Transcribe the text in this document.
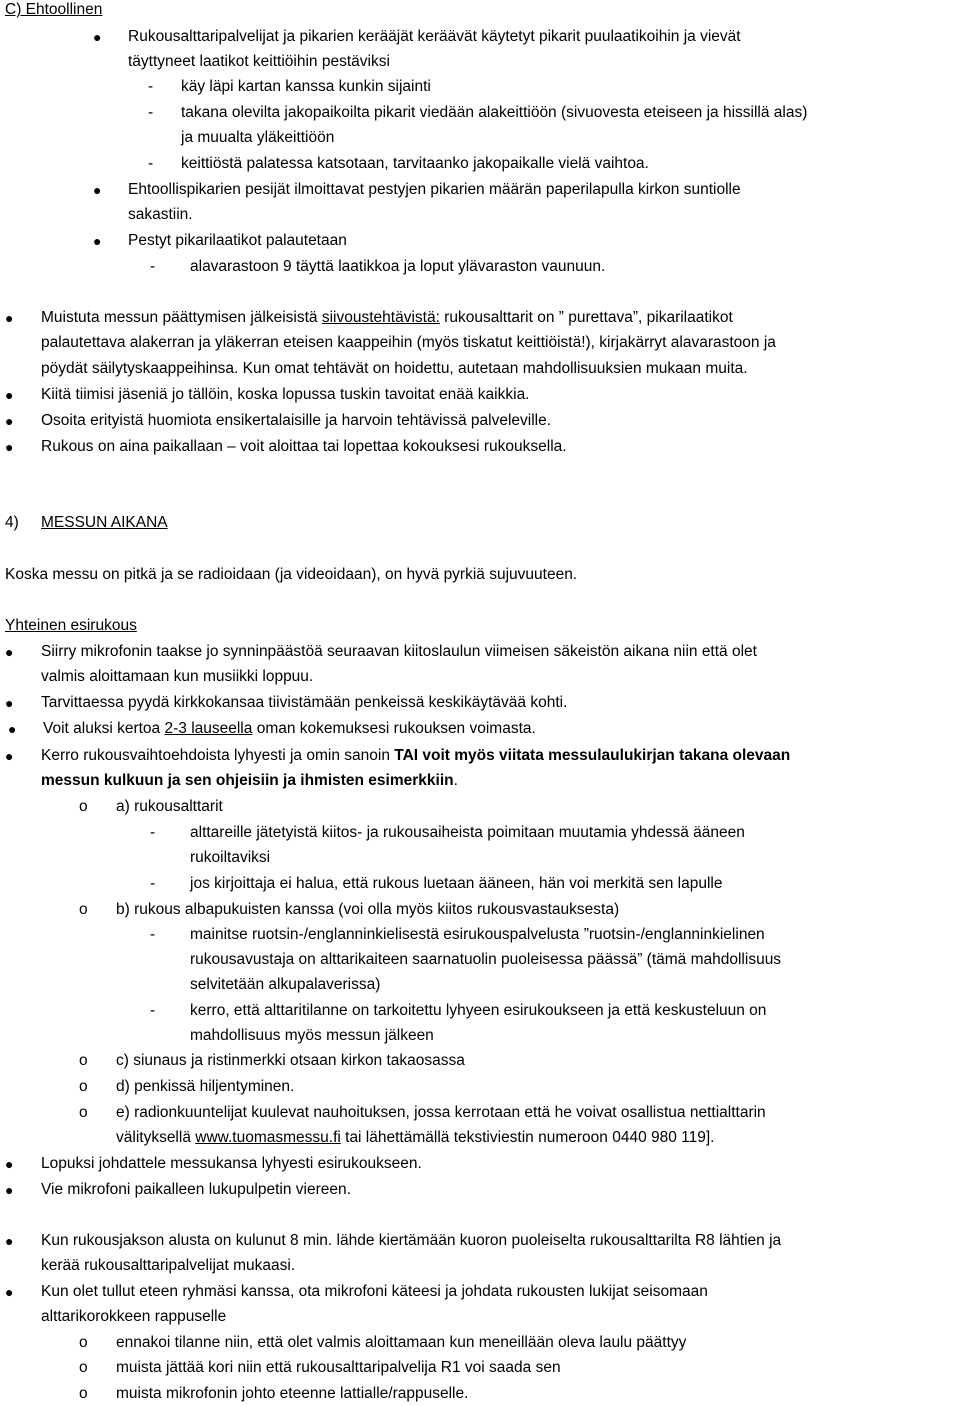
C) Ehtoollinen
● Rukousalttaripalvelijat ja pikarien kerääjät keräävät käytetyt pikarit puulaatikoihin ja vievät
täyttyneet laatikot keittiöihin pestäviksi
- käy läpi kartan kanssa kunkin sijainti
- takana olevilta jakopaikoilta pikarit viedään alakeittiöön (sivuovesta eteiseen ja hissillä alas)
ja muualta yläkeittiöön
- keittiöstä palatessa katsotaan, tarvitaanko jakopaikalle vielä vaihtoa.
● Ehtoollispikarien pesijät ilmoittavat pestyjen pikarien määrän paperilapulla kirkon suntiolle
sakastiin.
● Pestyt pikarilaatikot palautetaan
- alavarastoon 9 täyttä laatikkoa ja loput ylävaraston vaunuun.
● Muistuta messun päättymisen jälkeisistä siivoustehtävistä: rukousalttarit on ” purettava”, pikarilaatikot
palautettava alakerran ja yläkerran eteisen kaappeihin (myös tiskatut keittiöistä!), kirjakärryt alavarastoon ja
pöydät säilytyskaappeihinsa. Kun omat tehtävät on hoidettu, autetaan mahdollisuuksien mukaan muita.
● Kiitä tiimisi jäseniä jo tällöin, koska lopussa tuskin tavoitat enää kaikkia.
● Osoita erityistä huomiota ensikertalaisille ja harvoin tehtävissä palveleville.
● Rukous on aina paikallaan – voit aloittaa tai lopettaa kokouksesi rukouksella.
4) MESSUN AIKANA
Koska messu on pitkä ja se radioidaan (ja videoidaan), on hyvä pyrkiä sujuvuuteen.
Yhteinen esirukous
● Siirry mikrofonin taakse jo synninpäästöä seuraavan kiitoslaulun viimeisen säkeistön aikana niin että olet
valmis aloittamaan kun musiikki loppuu.
● Tarvittaessa pyydä kirkkokansaa tiivistämään penkeissä keskikäytävää kohti.
● Voit aluksi kertoa 2-3 lauseella oman kokemuksesi rukouksen voimasta.
● Kerro rukousvaihtoehdoista lyhyesti ja omin sanoin TAI voit myös viitata messulaulukirjan takana olevaan
messun kulkuun ja sen ohjeisiin ja ihmisten esimerkkiin.
o a) rukousalttarit
- alttareille jätetyistä kiitos- ja rukousaiheista poimitaan muutamia yhdessä ääneen
rukoiltaviksi
- jos kirjoittaja ei halua, että rukous luetaan ääneen, hän voi merkitä sen lapulle
o b) rukous albapukuisten kanssa (voi olla myös kiitos rukousvastauksesta)
- mainitse ruotsin-/englanninkielisestä esirukouspalvelusta ”ruotsin-/englanninkielinen
rukousavustaja on alttarikaiteen saarnatuolin puoleisessa päässä” (tämä mahdollisuus
selvitetään alkupalaverissa)
- kerro, että alttaritilanne on tarkoitettu lyhyeen esirukoukseen ja että keskusteluun on
mahdollisuus myös messun jälkeen
o c) siunaus ja ristinmerkki otsaan kirkon takaosassa
o d) penkissä hiljentyminen.
o e) radionkuuntelijat kuulevat nauhoituksen, jossa kerrotaan että he voivat osallistua nettialttarin
välityksellä www.tuomasmessu.fi tai lähettämällä tekstiviestin numeroon 0440 980 119].
● Lopuksi johdattele messukansa lyhyesti esirukoukseen.
● Vie mikrofoni paikalleen lukupulpetin viereen.
● Kun rukousjakson alusta on kulunut 8 min. lähde kiertämään kuoron puoleiselta rukousalttarilta R8 lähtien ja
kerää rukousalttaripalvelijat mukaasi.
● Kun olet tullut eteen ryhmäsi kanssa, ota mikrofoni käteesi ja johdata rukousten lukijat seisomaan
alttarikorokkeen rappuselle
o ennakoi tilanne niin, että olet valmis aloittamaan kun meneillään oleva laulu päättyy
o muista jättää kori niin että rukousalttaripalvelija R1 voi saada sen
o muista mikrofonin johto eteenne lattialle/rappuselle.
